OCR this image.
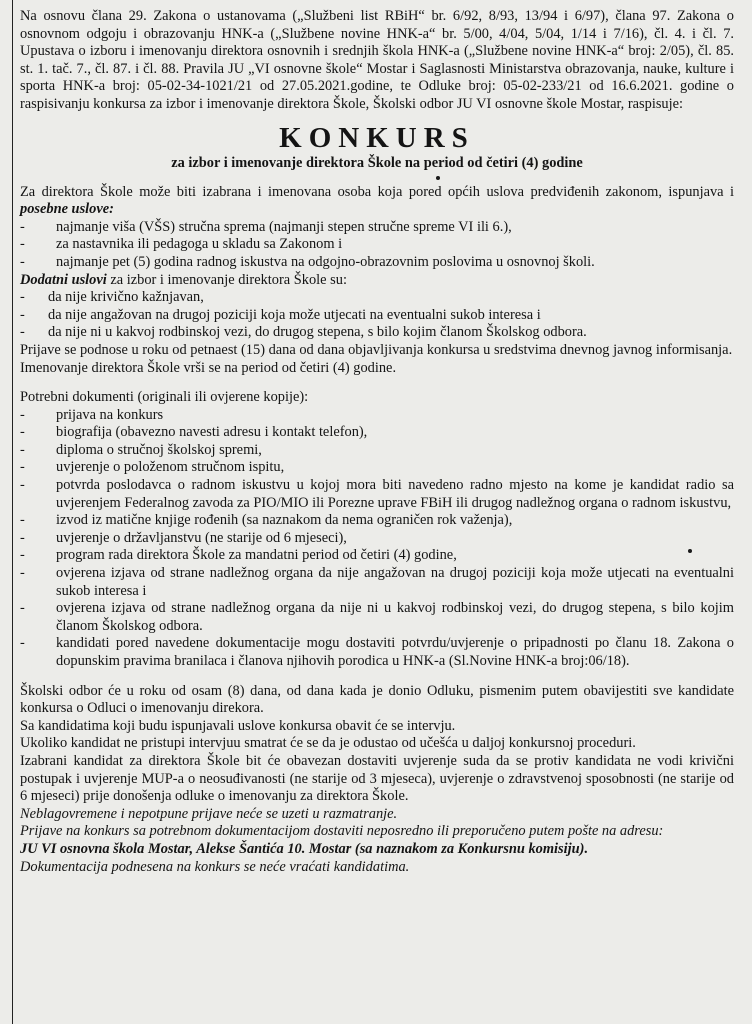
Na osnovu člana 29. Zakona o ustanovama („Službeni list RBiH“ br. 6/92, 8/93, 13/94 i 6/97), člana 97. Zakona o osnovnom odgoju i obrazovanju HNK-a („Službene novine HNK-a“ br. 5/00, 4/04, 5/04, 1/14 i 7/16), čl. 4. i čl. 7. Upustava o izboru i imenovanju direktora osnovnih i srednjih škola HNK-a („Službene novine HNK-a“ broj: 2/05), čl. 85. st. 1. tač. 7., čl. 87. i čl. 88. Pravila JU „VI osnovne škole“ Mostar i Saglasnosti Ministarstva obrazovanja, nauke, kulture i sporta HNK-a broj: 05-02-34-1021/21 od 27.05.2021.godine, te Odluke broj: 05-02-233/21 od 16.6.2021. godine o raspisivanju konkursa za izbor i imenovanje direktora Škole, Školski odbor JU VI osnovne škole Mostar, raspisuje:

KONKURS
za izbor i imenovanje direktora Škole na period od četiri (4) godine

Za direktora Škole može biti izabrana i imenovana osoba koja pored općih uslova predviđenih zakonom, ispunjava i posebne uslove:

- najmanje viša (VŠS) stručna sprema (najmanji stepen stručne spreme VI ili 6.),
- za nastavnika ili pedagoga u skladu sa Zakonom i
- najmanje pet (5) godina radnog iskustva na odgojno-obrazovnim poslovima u osnovnoj školi.

Dodatni uslovi za izbor i imenovanje direktora Škole su:

- da nije krivično kažnjavan,
- da nije angažovan na drugoj poziciji koja može utjecati na eventualni sukob interesa i
- da nije ni u kakvoj rodbinskoj vezi, do drugog stepena, s bilo kojim članom Školskog odbora.

Prijave se podnose u roku od petnaest (15) dana od dana objavljivanja konkursa u sredstvima dnevnog javnog informisanja.

Imenovanje direktora Škole vrši se na period od četiri (4) godine.

Potrebni dokumenti (originali ili ovjerene kopije):

- prijava na konkurs
- biografija (obavezno navesti adresu i kontakt telefon),
- diploma o stručnoj školskoj spremi,
- uvjerenje o položenom stručnom ispitu,
- potvrda poslodavca o radnom iskustvu u kojoj mora biti navedeno radno mjesto na kome je kandidat radio sa uvjerenjem Federalnog zavoda za PIO/MIO ili Porezne uprave FBiH ili drugog nadležnog organa o radnom iskustvu,
- izvod iz matične knjige rođenih (sa naznakom da nema ograničen rok važenja),
- uvjerenje o državljanstvu (ne starije od 6 mjeseci),
- program rada direktora Škole za mandatni period od četiri (4) godine,
- ovjerena izjava od strane nadležnog organa da nije angažovan na drugoj poziciji koja može utjecati na eventualni sukob interesa i
- ovjerena izjava od strane nadležnog organa da nije ni u kakvoj rodbinskoj vezi, do drugog stepena, s bilo kojim članom Školskog odbora.
- kandidati pored navedene dokumentacije mogu dostaviti potvrdu/uvjerenje o pripadnosti po članu 18. Zakona o dopunskim pravima branilaca i članova njihovih porodica u HNK-a (Sl.Novine HNK-a broj:06/18).

Školski odbor će u roku od osam (8) dana, od dana kada je donio Odluku, pismenim putem obavijestiti sve kandidate konkursa o Odluci o imenovanju direkora.

Sa kandidatima koji budu ispunjavali uslove konkursa obavit će se intervju.

Ukoliko kandidat ne pristupi intervjuu smatrat će se da je odustao od učešća u daljoj konkursnoj proceduri.

Izabrani kandidat za direktora Škole bit će obavezan dostaviti uvjerenje suda da se protiv kandidata ne vodi krivični postupak i uvjerenje MUP-a o neosuđivanosti (ne starije od 3 mjeseca), uvjerenje o zdravstvenoj sposobnosti (ne starije od 6 mjeseci) prije donošenja odluke o imenovanju za direktora Škole.

Neblagovremene i nepotpune prijave neće se uzeti u razmatranje.

Prijave na konkurs sa potrebnom dokumentacijom dostaviti neposredno ili preporučeno putem pošte na adresu:

JU VI osnovna škola Mostar, Alekse Šantića 10. Mostar (sa naznakom za Konkursnu komisiju).

Dokumentacija podnesena na konkurs se neće vraćati kandidatima.
